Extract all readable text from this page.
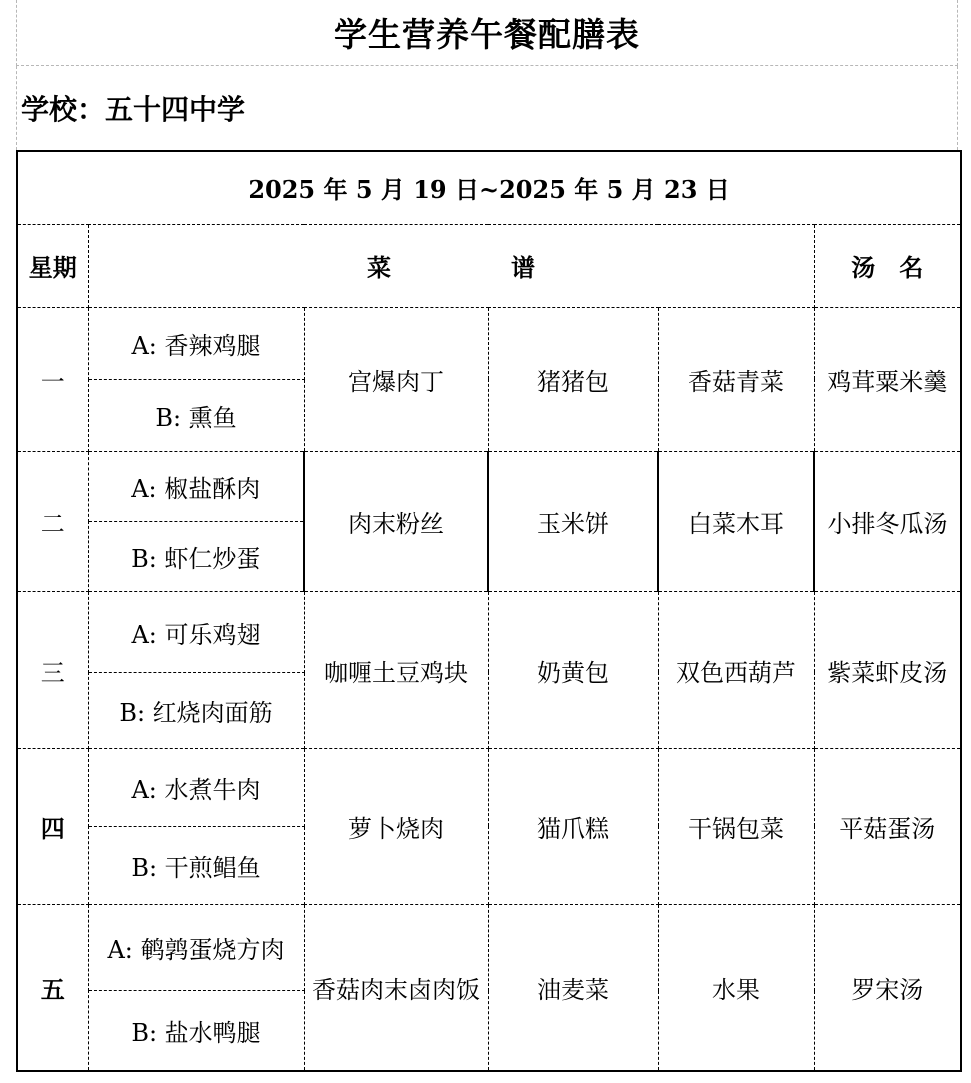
学生营养午餐配膳表
学校：五十四中学
2025 年 5 月 19 日~2025 年 5 月 23 日					
星期	菜　　　　　谱				汤　名
一	A: 香辣鸡腿	宫爆肉丁	猪猪包	香菇青菜	鸡茸粟米羹
	B: 熏鱼				
二	A: 椒盐酥肉	肉末粉丝	玉米饼	白菜木耳	小排冬瓜汤
	B: 虾仁炒蛋				
三	A: 可乐鸡翅	咖喱土豆鸡块	奶黄包	双色西葫芦	紫菜虾皮汤
	B: 红烧肉面筋				
四	A: 水煮牛肉	萝卜烧肉	猫爪糕	干锅包菜	平菇蛋汤
	B: 干煎鲳鱼				
五	A: 鹌鹑蛋烧方肉	香菇肉末卤肉饭	油麦菜	水果	罗宋汤
	B: 盐水鸭腿				
